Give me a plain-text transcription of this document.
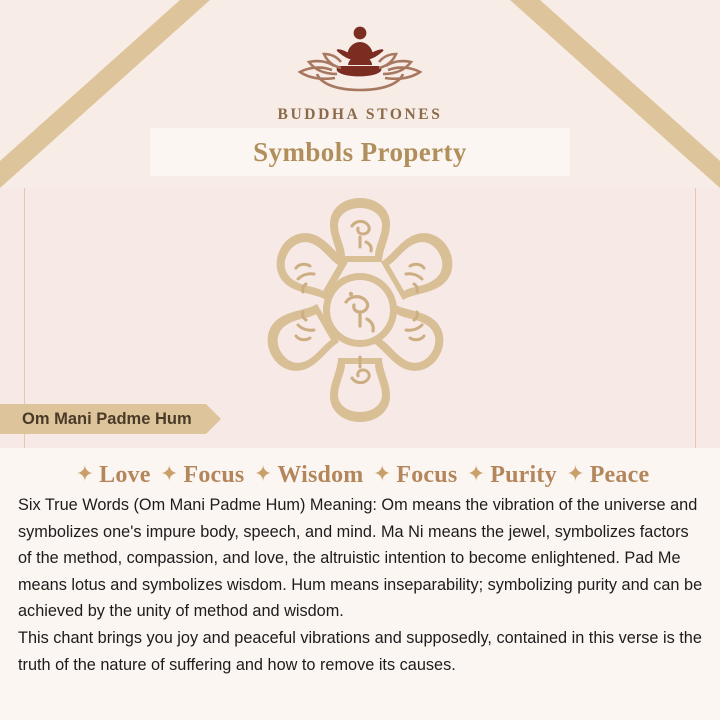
BUDDHA STONES
Symbols Property
Om Mani Padme Hum
✦ Love ✦ Focus ✦ Wisdom ✦ Focus ✦ Purity ✦ Peace

Six True Words (Om Mani Padme Hum) Meaning: Om means the vibration of the universe and symbolizes one's impure body, speech, and mind. Ma Ni means the jewel, symbolizes factors of the method, compassion, and love, the altruistic intention to become enlightened. Pad Me means lotus and symbolizes wisdom. Hum means inseparability; symbolizing purity and can be achieved by the unity of method and wisdom.

This chant brings you joy and peaceful vibrations and supposedly, contained in this verse is the truth of the nature of suffering and how to remove its causes.
